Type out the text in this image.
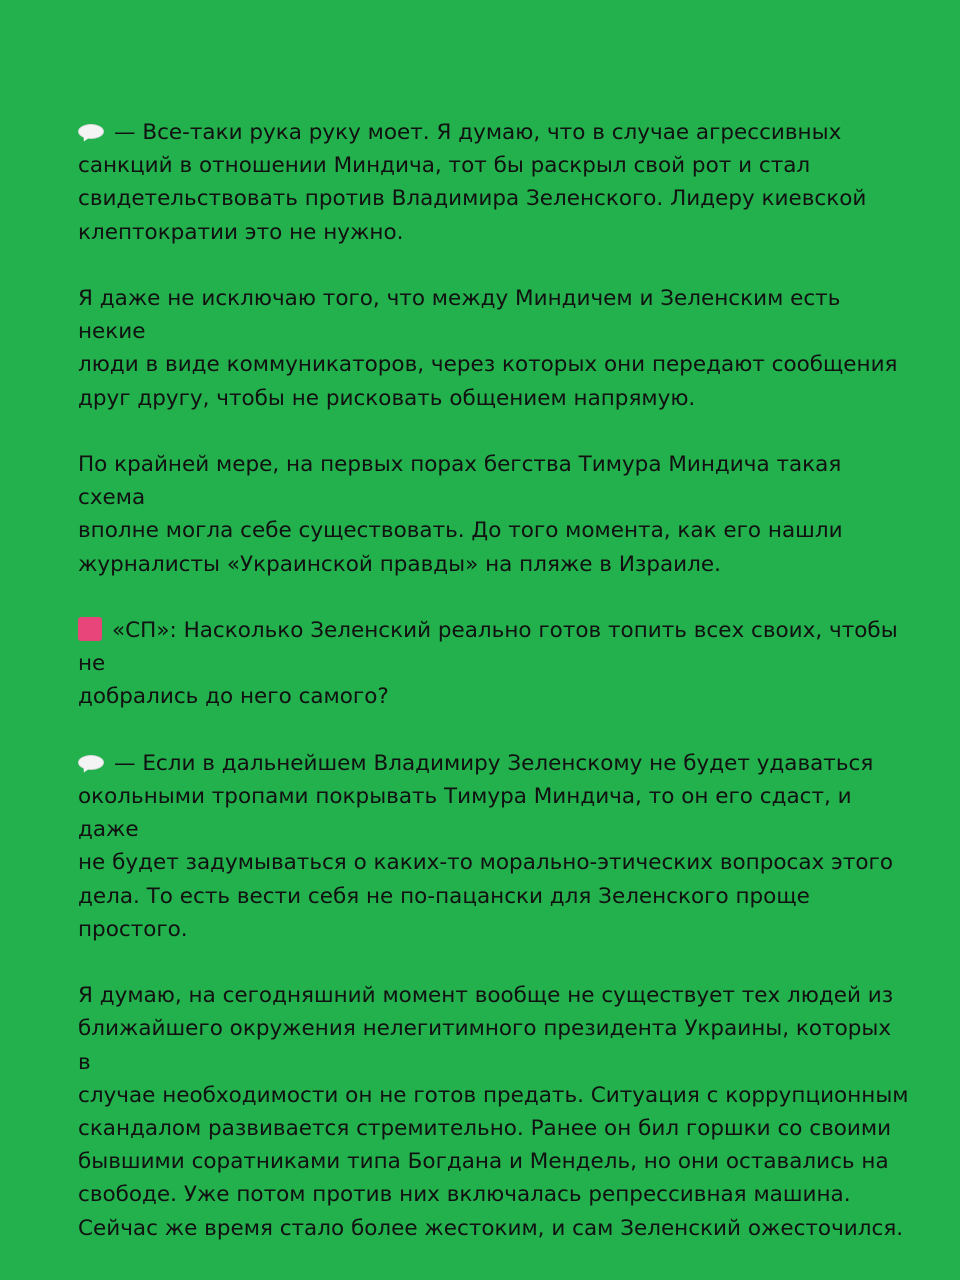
— Все-таки рука руку моет. Я думаю, что в случае агрессивных
санкций в отношении Миндича, тот бы раскрыл свой рот и стал
свидетельствовать против Владимира Зеленского. Лидеру киевской
клептократии это не нужно.

Я даже не исключаю того, что между Миндичем и Зеленским есть некие
люди в виде коммуникаторов, через которых они передают сообщения
друг другу, чтобы не рисковать общением напрямую.

По крайней мере, на первых порах бегства Тимура Миндича такая схема
вполне могла себе существовать. До того момента, как его нашли
журналисты «Украинской правды» на пляже в Израиле.

«СП»: Насколько Зеленский реально готов топить всех своих, чтобы не
добрались до него самого?

— Если в дальнейшем Владимиру Зеленскому не будет удаваться
окольными тропами покрывать Тимура Миндича, то он его сдаст, и даже
не будет задумываться о каких-то морально-этических вопросах этого
дела. То есть вести себя не по-пацански для Зеленского проще простого.

Я думаю, на сегодняшний момент вообще не существует тех людей из
ближайшего окружения нелегитимного президента Украины, которых в
случае необходимости он не готов предать. Ситуация с коррупционным
скандалом развивается стремительно. Ранее он бил горшки со своими
бывшими соратниками типа Богдана и Мендель, но они оставались на
свободе. Уже потом против них включалась репрессивная машина.
Сейчас же время стало более жестоким, и сам Зеленский ожесточился.
